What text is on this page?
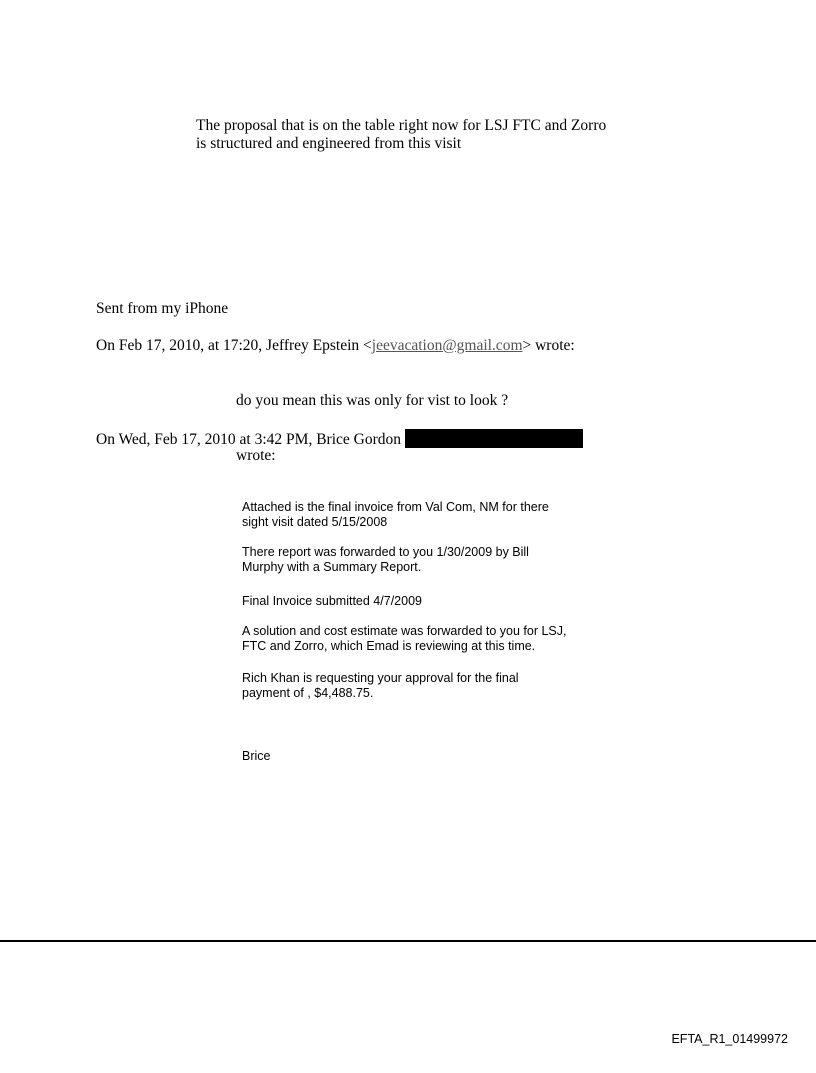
The proposal that is on the table right now for LSJ FTC and Zorro
is structured and engineered from this visit

Sent from my iPhone

On Feb 17, 2010, at 17:20, Jeffrey Epstein <jeevacation@gmail.com> wrote:

do you mean this was only for vist to look ?

On Wed, Feb 17, 2010 at 3:42 PM, Brice Gordon

wrote:

Attached is the final invoice from Val Com, NM for there
sight visit dated 5/15/2008
There report was forwarded to you 1/30/2009 by Bill
Murphy with a Summary Report.
Final Invoice submitted 4/7/2009
A solution and cost estimate was forwarded to you for LSJ,
FTC and Zorro, which Emad is reviewing at this time.
Rich Khan is requesting your approval for the final
payment of , $4,488.75.
Brice

EFTA_R1_01499972
